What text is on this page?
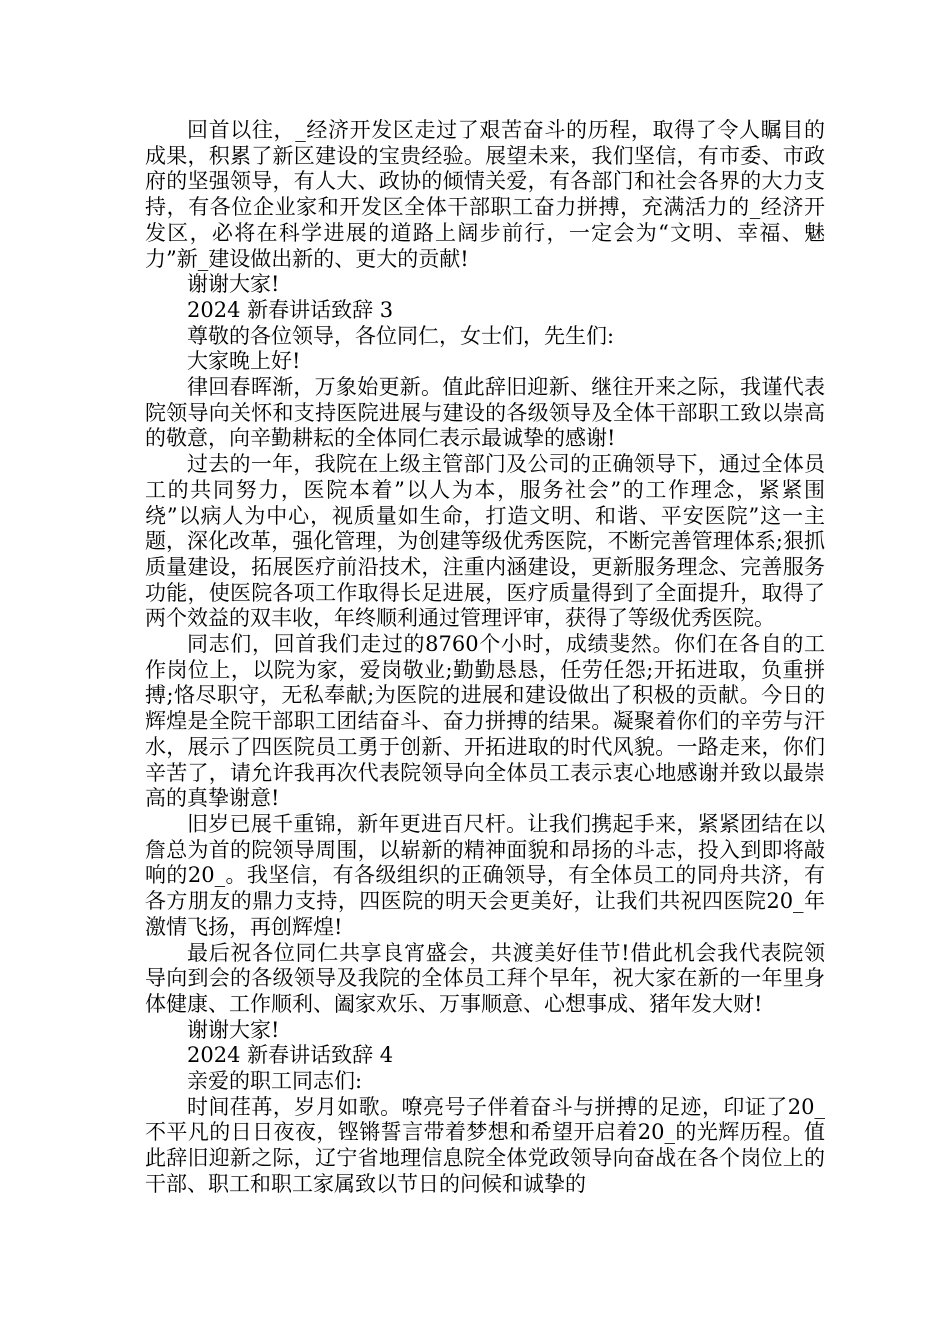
回首以往，_经济开发区走过了艰苦奋斗的历程，取得了令人瞩目的成果，积累了新区建设的宝贵经验。展望未来，我们坚信，有市委、市政府的坚强领导，有人大、政协的倾情关爱，有各部门和社会各界的大力支持，有各位企业家和开发区全体干部职工奋力拼搏，充满活力的_经济开发区，必将在科学进展的道路上阔步前行，一定会为“文明、幸福、魅力”新_建设做出新的、更大的贡献!

谢谢大家!

2024 新春讲话致辞 3

尊敬的各位领导，各位同仁，女士们，先生们:

大家晚上好!

律回春晖渐，万象始更新。值此辞旧迎新、继往开来之际，我谨代表院领导向关怀和支持医院进展与建设的各级领导及全体干部职工致以崇高的敬意，向辛勤耕耘的全体同仁表示最诚挚的感谢!

过去的一年，我院在上级主管部门及公司的正确领导下，通过全体员工的共同努力，医院本着”以人为本，服务社会”的工作理念，紧紧围绕”以病人为中心，视质量如生命，打造文明、和谐、平安医院”这一主题，深化改革，强化管理，为创建等级优秀医院，不断完善管理体系;狠抓质量建设，拓展医疗前沿技术，注重内涵建设，更新服务理念、完善服务功能，使医院各项工作取得长足进展，医疗质量得到了全面提升，取得了两个效益的双丰收，年终顺利通过管理评审，获得了等级优秀医院。

同志们，回首我们走过的8760个小时，成绩斐然。你们在各自的工作岗位上，以院为家，爱岗敬业;勤勤恳恳，任劳任怨;开拓进取，负重拼搏;恪尽职守，无私奉献;为医院的进展和建设做出了积极的贡献。今日的辉煌是全院干部职工团结奋斗、奋力拼搏的结果。凝聚着你们的辛劳与汗水，展示了四医院员工勇于创新、开拓进取的时代风貌。一路走来，你们辛苦了，请允许我再次代表院领导向全体员工表示衷心地感谢并致以最崇高的真挚谢意!

旧岁已展千重锦，新年更进百尺杆。让我们携起手来，紧紧团结在以詹总为首的院领导周围，以崭新的精神面貌和昂扬的斗志，投入到即将敲响的20_。我坚信，有各级组织的正确领导，有全体员工的同舟共济，有各方朋友的鼎力支持，四医院的明天会更美好，让我们共祝四医院20_年激情飞扬，再创辉煌!

最后祝各位同仁共享良宵盛会，共渡美好佳节!借此机会我代表院领导向到会的各级领导及我院的全体员工拜个早年，祝大家在新的一年里身体健康、工作顺利、阖家欢乐、万事顺意、心想事成、猪年发大财!

谢谢大家!

2024 新春讲话致辞 4

亲爱的职工同志们:

时间荏苒，岁月如歌。嘹亮号子伴着奋斗与拼搏的足迹，印证了20_不平凡的日日夜夜，铿锵誓言带着梦想和希望开启着20_的光辉历程。值此辞旧迎新之际，辽宁省地理信息院全体党政领导向奋战在各个岗位上的干部、职工和职工家属致以节日的问候和诚挚的
